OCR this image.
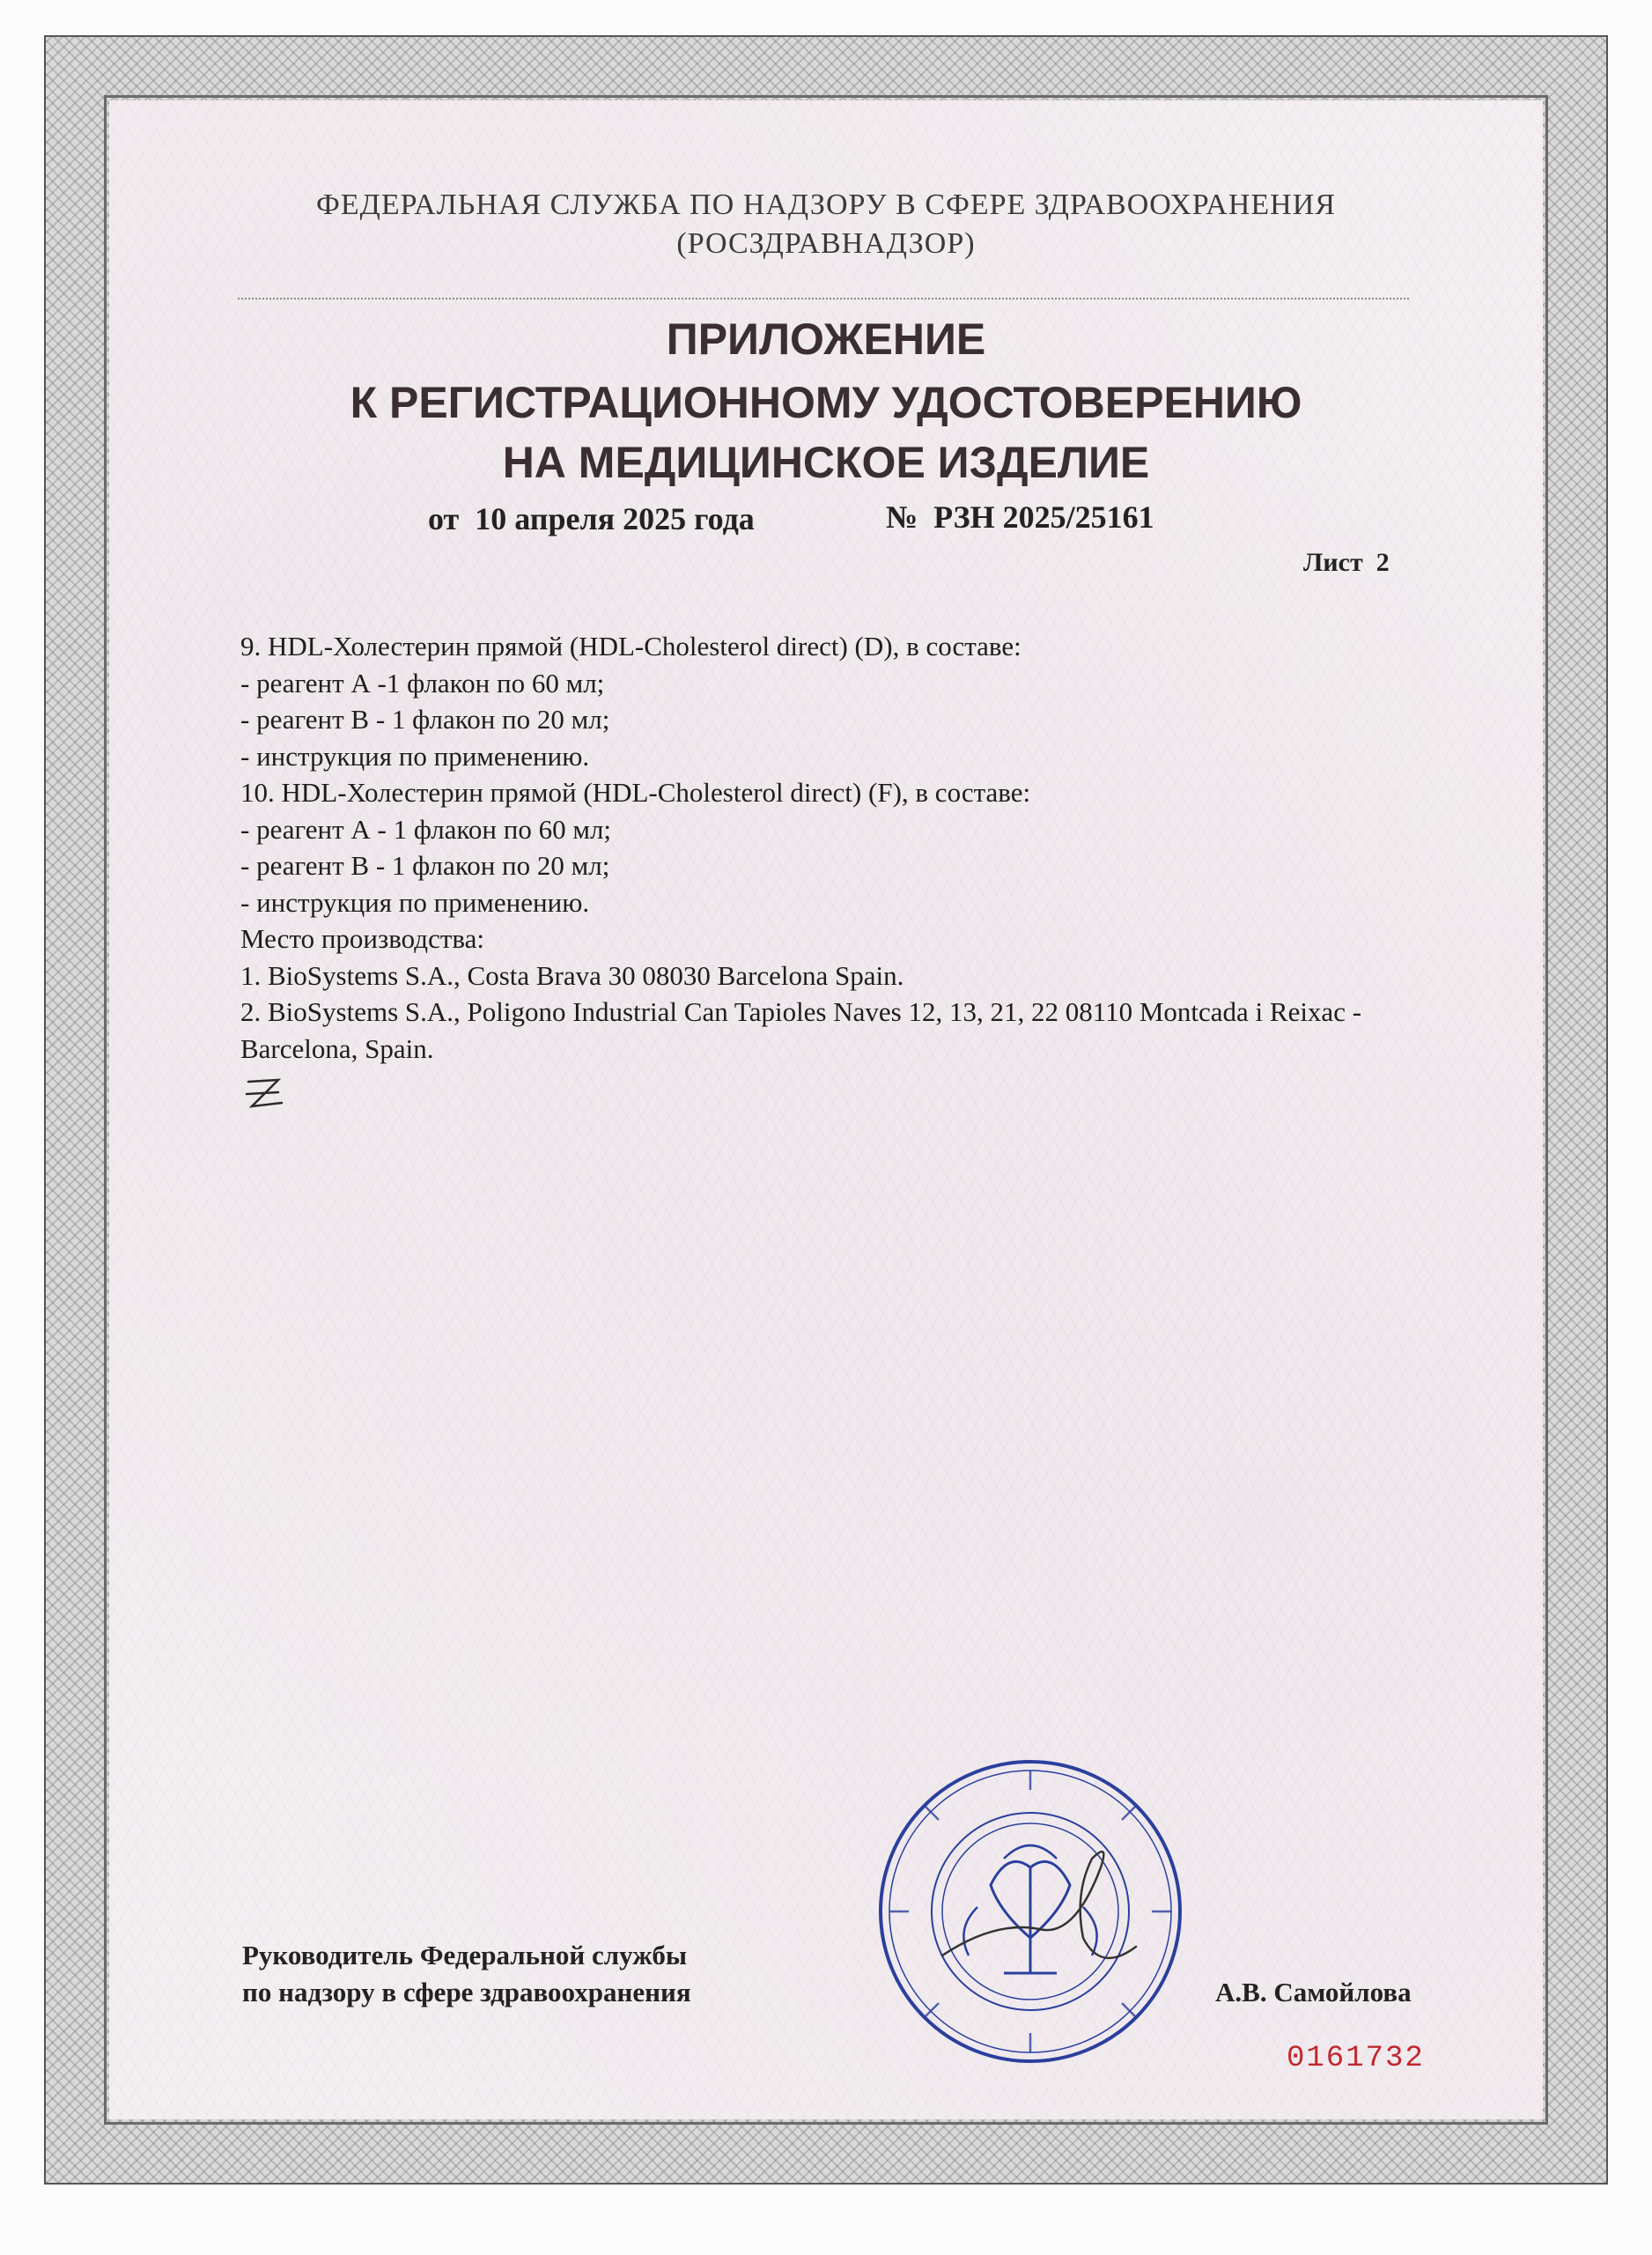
ФЕДЕРАЛЬНАЯ СЛУЖБА ПО НАДЗОРУ В СФЕРЕ ЗДРАВООХРАНЕНИЯ
(РОСЗДРАВНАДЗОР)
ПРИЛОЖЕНИЕ
К РЕГИСТРАЦИОННОМУ УДОСТОВЕРЕНИЮ
НА МЕДИЦИНСКОЕ ИЗДЕЛИЕ
от  10 апреля 2025 года	№  РЗН 2025/25161
Лист  2
9. HDL-Холестерин прямой (HDL-Cholesterol direct) (D), в составе:
- реагент А -1 флакон по 60 мл;
- реагент В - 1 флакон по 20 мл;
- инструкция по применению.
10. HDL-Холестерин прямой (HDL-Cholesterol direct) (F), в составе:
- реагент А - 1 флакон по 60 мл;
- реагент В - 1 флакон по 20 мл;
- инструкция по применению.
Место производства:
1. BioSystems S.A., Costa Brava 30 08030 Barcelona Spain.
2. BioSystems S.A., Poligono Industrial Can Tapioles Naves 12, 13, 21, 22 08110 Montcada i Reixac - Barcelona, Spain.
Руководитель Федеральной службы
по надзору в сфере здравоохранения	А.В. Самойлова
0161732
